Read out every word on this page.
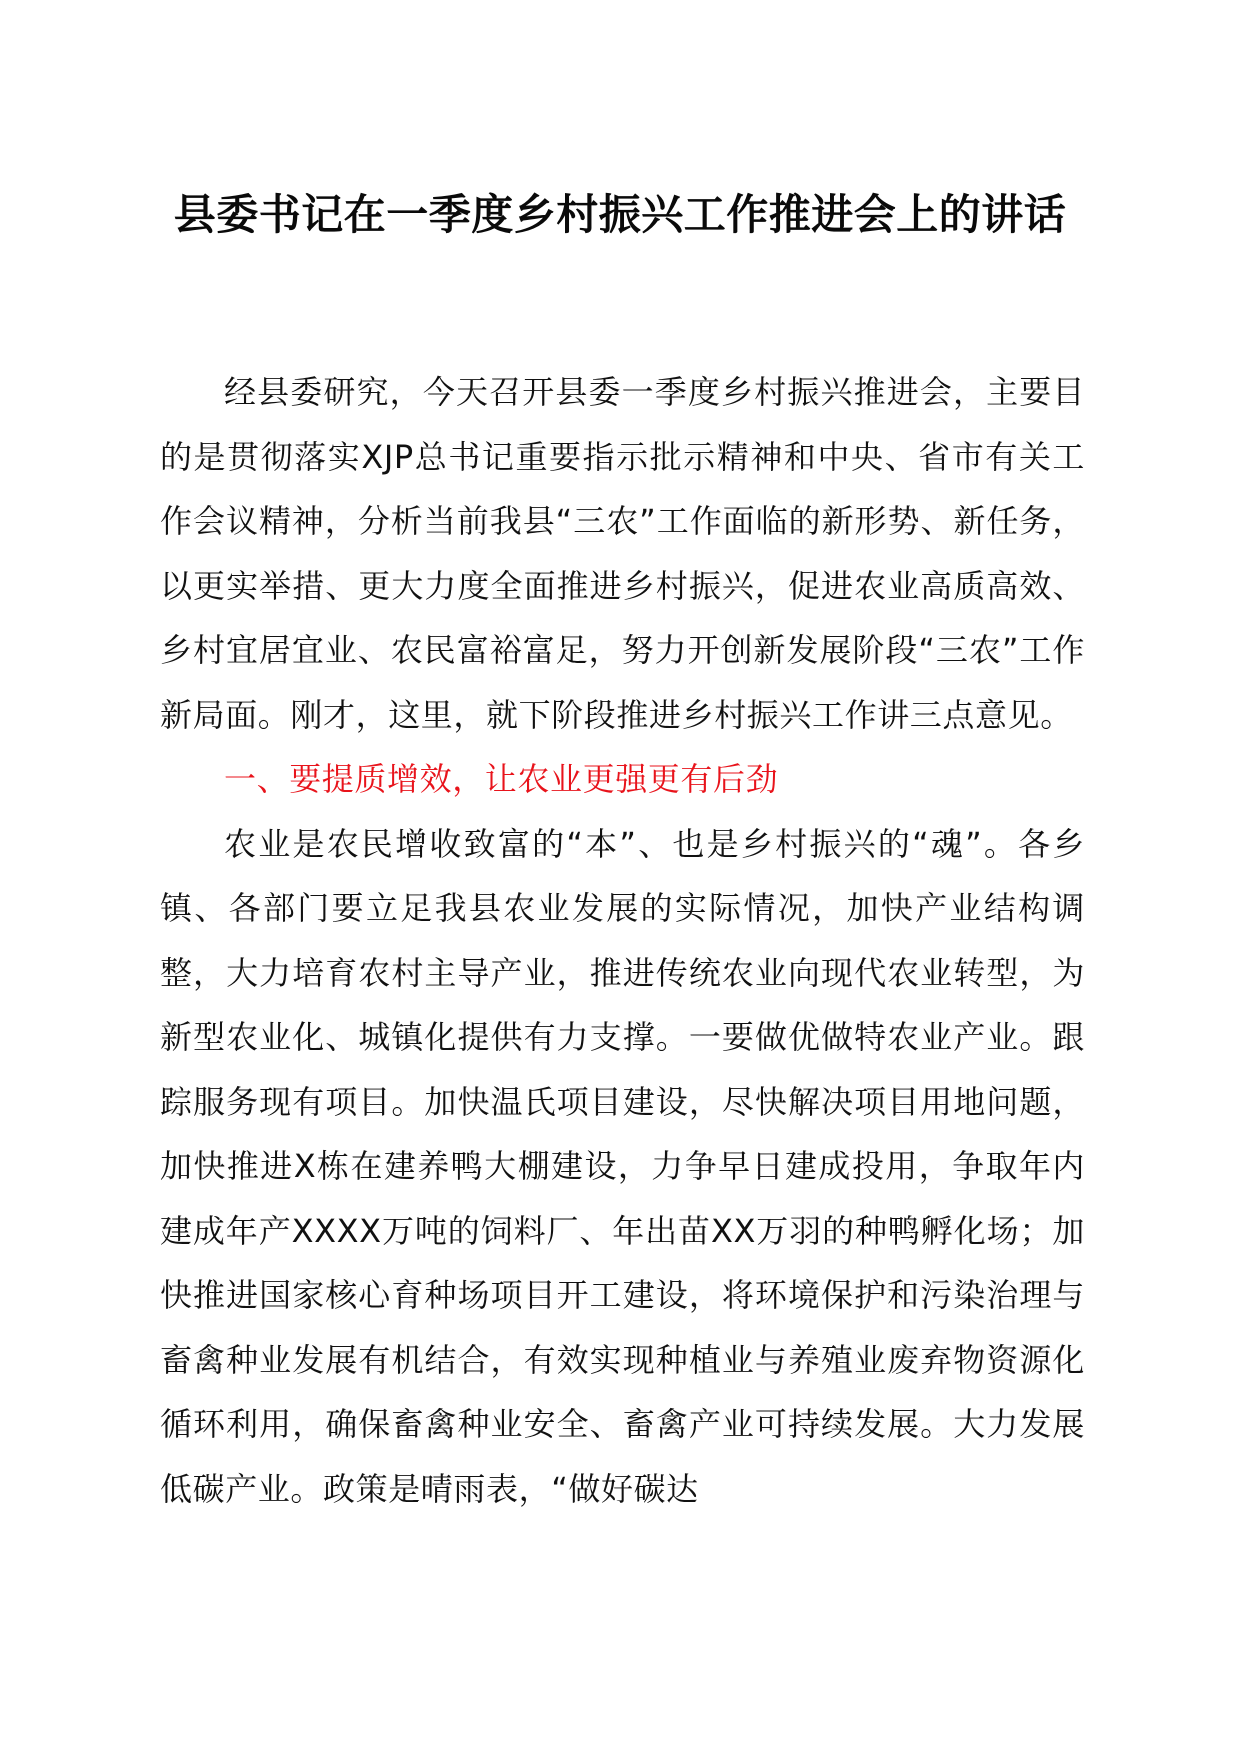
县委书记在一季度乡村振兴工作推进会上的讲话

经县委研究，今天召开县委一季度乡村振兴推进会，主要目的是贯彻落实XJP总书记重要指示批示精神和中央、省市有关工作会议精神，分析当前我县“三农”工作面临的新形势、新任务，以更实举措、更大力度全面推进乡村振兴，促进农业高质高效、乡村宜居宜业、农民富裕富足，努力开创新发展阶段“三农”工作新局面。刚才，这里，就下阶段推进乡村振兴工作讲三点意见。

一、要提质增效，让农业更强更有后劲

农业是农民增收致富的“本”、也是乡村振兴的“魂”。各乡镇、各部门要立足我县农业发展的实际情况，加快产业结构调整，大力培育农村主导产业，推进传统农业向现代农业转型，为新型农业化、城镇化提供有力支撑。一要做优做特农业产业。跟踪服务现有项目。加快温氏项目建设，尽快解决项目用地问题，加快推进X栋在建养鸭大棚建设，力争早日建成投用，争取年内建成年产XXXX万吨的饲料厂、年出苗XX万羽的种鸭孵化场；加快推进国家核心育种场项目开工建设，将环境保护和污染治理与畜禽种业发展有机结合，有效实现种植业与养殖业废弃物资源化循环利用，确保畜禽种业安全、畜禽产业可持续发展。大力发展低碳产业。政策是晴雨表，“做好碳达
